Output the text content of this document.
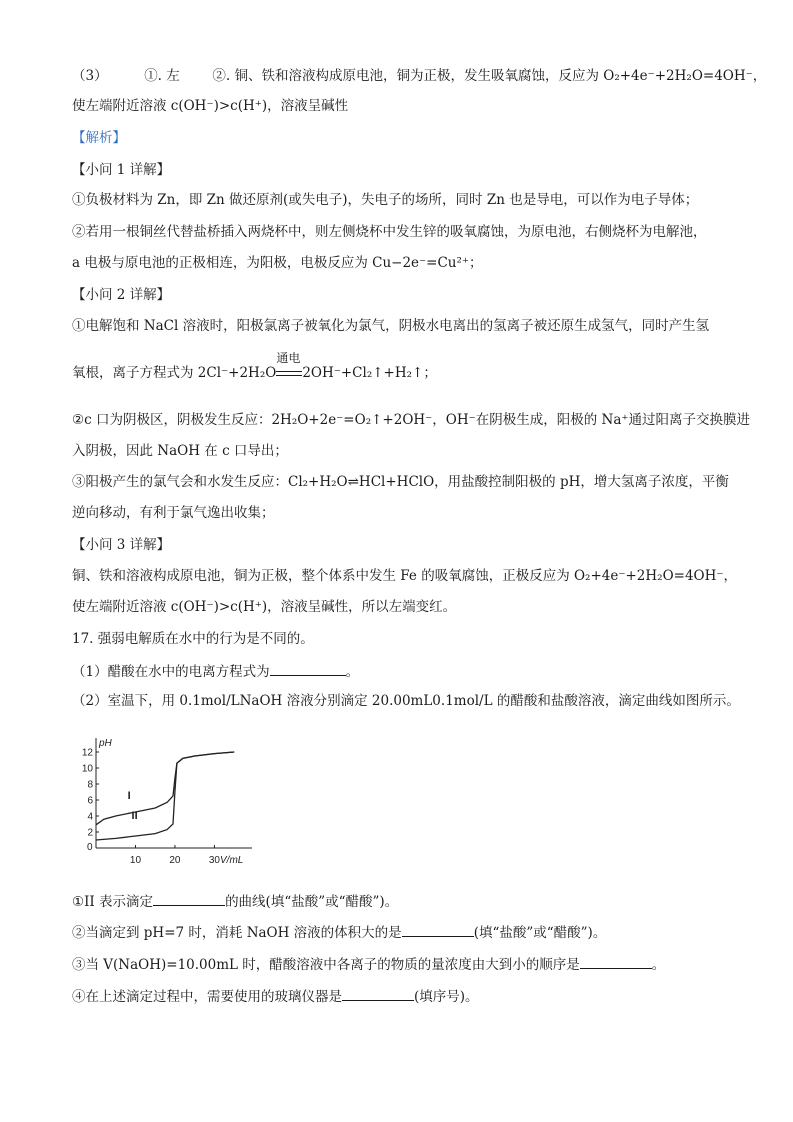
（3）	①. 左 ②. 铜、铁和溶液构成原电池，铜为正极，发生吸氧腐蚀，反应为 O₂+4e⁻+2H₂O=4OH⁻，
使左端附近溶液 c(OH⁻)>c(H⁺)，溶液呈碱性
【解析】
【小问 1 详解】
①负极材料为 Zn，即 Zn 做还原剂(或失电子)，失电子的场所，同时 Zn 也是导电，可以作为电子导体；
②若用一根铜丝代替盐桥插入两烧杯中，则左侧烧杯中发生锌的吸氧腐蚀，为原电池，右侧烧杯为电解池，
a 电极与原电池的正极相连，为阳极，电极反应为 Cu−2e⁻=Cu²⁺；
【小问 2 详解】
①电解饱和 NaCl 溶液时，阳极氯离子被氧化为氯气，阴极水电离出的氢离子被还原生成氢气，同时产生氢
氧根，离子方程式为 2Cl⁻+2H₂O
通电
2OH⁻+Cl₂↑+H₂↑；
②c 口为阴极区，阴极发生反应：2H₂O+2e⁻=O₂↑+2OH⁻，OH⁻在阴极生成，阳极的 Na⁺通过阳离子交换膜进
入阴极，因此 NaOH 在 c 口导出；
③阳极产生的氯气会和水发生反应：Cl₂+H₂O⇌HCl+HClO，用盐酸控制阳极的 pH，增大氢离子浓度，平衡
逆向移动，有利于氯气逸出收集；
【小问 3 详解】
铜、铁和溶液构成原电池，铜为正极，整个体系中发生 Fe 的吸氧腐蚀，正极反应为 O₂+4e⁻+2H₂O=4OH⁻，
使左端附近溶液 c(OH⁻)>c(H⁺)，溶液呈碱性，所以左端变红。
17. 强弱电解质在水中的行为是不同的。
（1）醋酸在水中的电离方程式为	。
（2）室温下，用 0.1mol/LNaOH 溶液分别滴定 20.00mL0.1mol/L 的醋酸和盐酸溶液，滴定曲线如图所示。
pH
V/mL
0
2
4
6
8
10
12
10	20	30
I
II
①II 表示滴定	的曲线(填“盐酸”或“醋酸”)。
②当滴定到 pH=7 时，消耗 NaOH 溶液的体积大的是	(填“盐酸”或“醋酸”)。
③当 V(NaOH)=10.00mL 时，醋酸溶液中各离子的物质的量浓度由大到小的顺序是	。
④在上述滴定过程中，需要使用的玻璃仪器是	(填序号)。
